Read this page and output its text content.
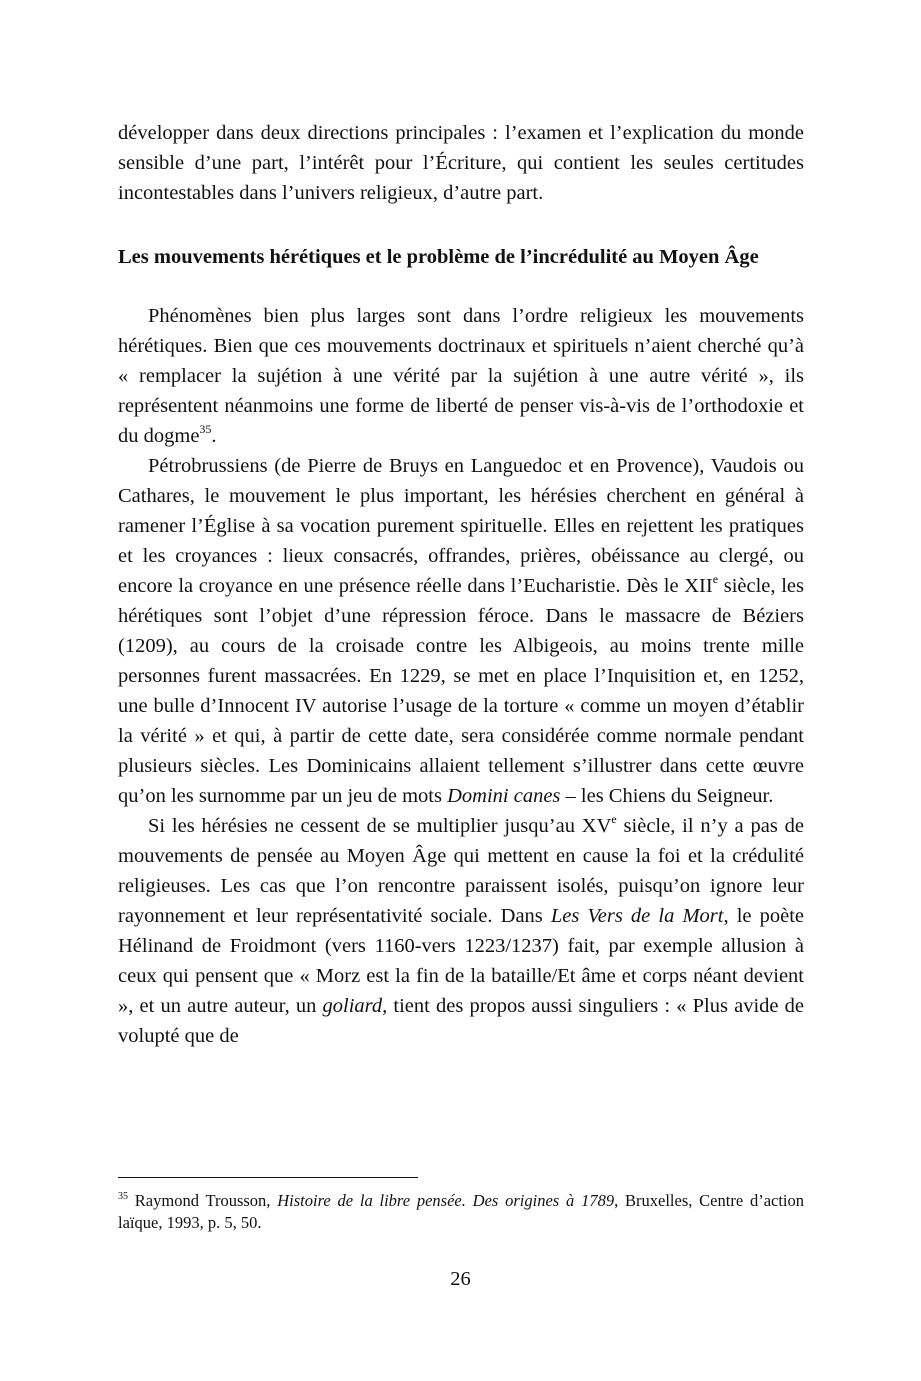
développer dans deux directions principales : l’examen et l’explication du monde sensible d’une part, l’intérêt pour l’Écriture, qui contient les seules certitudes incontestables dans l’univers religieux, d’autre part.

Les mouvements hérétiques et le problème de l’incrédulité au Moyen Âge

Phénomènes bien plus larges sont dans l’ordre religieux les mouvements hérétiques. Bien que ces mouvements doctrinaux et spirituels n’aient cherché qu’à « remplacer la sujétion à une vérité par la sujétion à une autre vérité », ils représentent néanmoins une forme de liberté de penser vis-à-vis de l’orthodoxie et du dogme$^{35}$.

Pétrobrussiens (de Pierre de Bruys en Languedoc et en Provence), Vaudois ou Cathares, le mouvement le plus important, les hérésies cherchent en général à ramener l’Église à sa vocation purement spirituelle. Elles en rejettent les pratiques et les croyances : lieux consacrés, offrandes, prières, obéissance au clergé, ou encore la croyance en une présence réelle dans l’Eucharistie. Dès le XIIe siècle, les hérétiques sont l’objet d’une répression féroce. Dans le massacre de Béziers (1209), au cours de la croisade contre les Albigeois, au moins trente mille personnes furent massacrées. En 1229, se met en place l’Inquisition et, en 1252, une bulle d’Innocent IV autorise l’usage de la torture « comme un moyen d’établir la vérité » et qui, à partir de cette date, sera considérée comme normale pendant plusieurs siècles. Les Dominicains allaient tellement s’illustrer dans cette œuvre qu’on les surnomme par un jeu de mots Domini canes – les Chiens du Seigneur.

Si les hérésies ne cessent de se multiplier jusqu’au XVe siècle, il n’y a pas de mouvements de pensée au Moyen Âge qui mettent en cause la foi et la crédulité religieuses. Les cas que l’on rencontre paraissent isolés, puisqu’on ignore leur rayonnement et leur représentativité sociale. Dans Les Vers de la Mort, le poète Hélinand de Froidmont (vers 1160-vers 1223/1237) fait, par exemple allusion à ceux qui pensent que « Morz est la fin de la bataille/Et âme et corps néant devient », et un autre auteur, un goliard, tient des propos aussi singuliers : « Plus avide de volupté que de

$^{35}$ Raymond Trousson, Histoire de la libre pensée. Des origines à 1789, Bruxelles, Centre d’action laïque, 1993, p. 5, 50.
26
